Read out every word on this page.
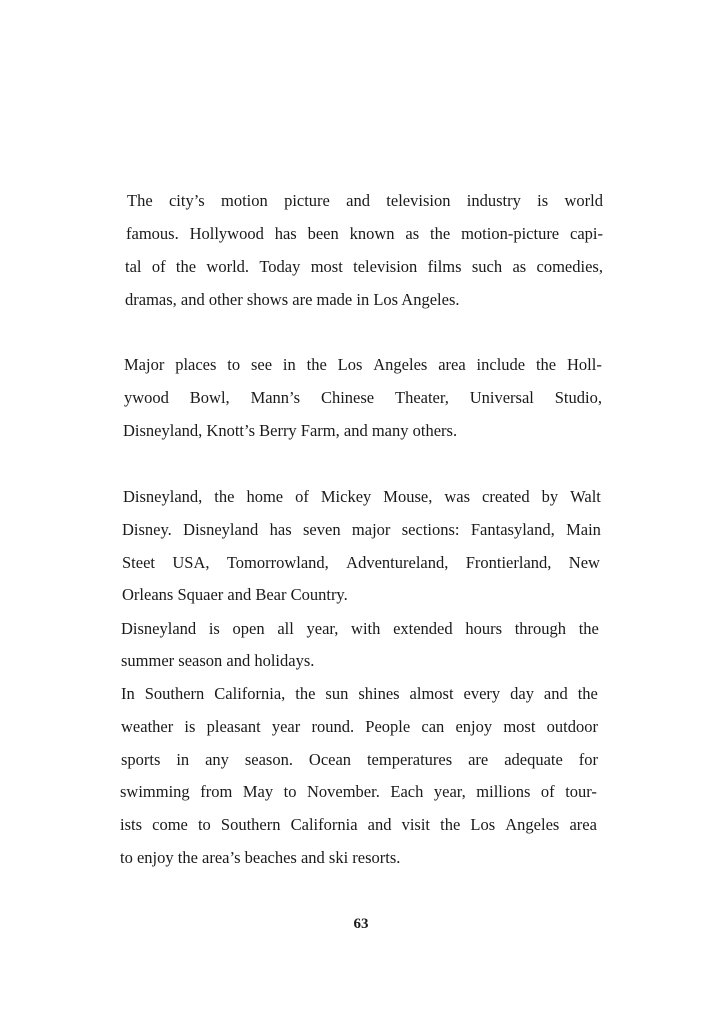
The city’s motion picture and television industry is world
famous. Hollywood has been known as the motion-picture capi-
tal of the world. Today most television films such as comedies,
dramas, and other shows are made in Los Angeles.
Major places to see in the Los Angeles area include the Holl-
ywood Bowl, Mann’s Chinese Theater, Universal Studio,
Disneyland, Knott’s Berry Farm, and many others.
Disneyland, the home of Mickey Mouse, was created by Walt
Disney. Disneyland has seven major sections: Fantasyland, Main
Steet USA, Tomorrowland, Adventureland, Frontierland, New
Orleans Squaer and Bear Country.
Disneyland is open all year, with extended hours through the
summer season and holidays.
In Southern California, the sun shines almost every day and the
weather is pleasant year round. People can enjoy most outdoor
sports in any season. Ocean temperatures are adequate for
swimming from May to November. Each year, millions of tour-
ists come to Southern California and visit the Los Angeles area
to enjoy the area’s beaches and ski resorts.
63
